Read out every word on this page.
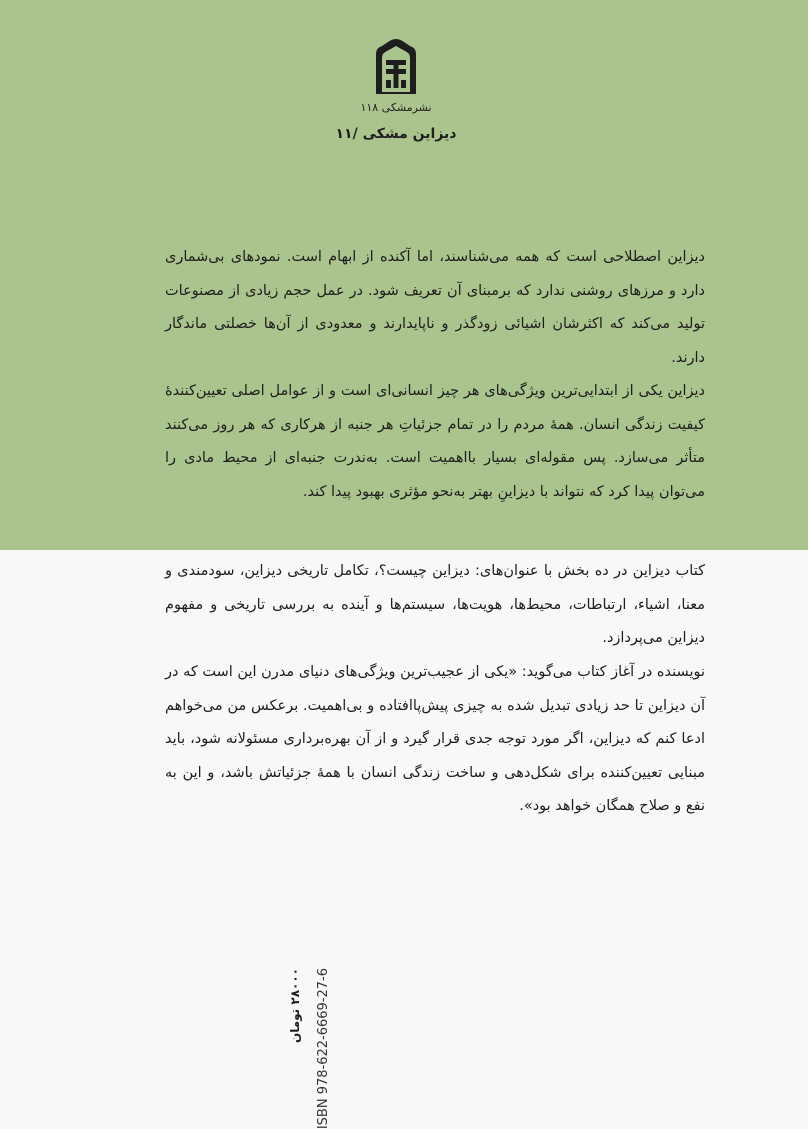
نشرمشکی ۱۱۸
دیزاین مشکی /۱۱

دیزاین اصطلاحی است که همه می‌شناسند، اما آکنده از ابهام است. نمودهای بی‌شماری دارد و مرزهای روشنی ندارد که برمبنای آن تعریف شود. در عمل حجم زیادی از مصنوعات تولید می‌کند که اکثرشان اشیائی زودگذر و ناپایدارند و معدودی از آن‌ها خصلتی ماندگار دارند.

دیزاین یکی از ابتدایی‌ترین ویژگی‌های هر چیز انسانی‌ای است و از عوامل اصلی تعیین‌کنندهٔ کیفیت زندگی انسان. همهٔ مردم را در تمام جزئیاتِ هر جنبه از هرکاری که هر روز می‌کنند متأثر می‌سازد. پس مقوله‌ای بسیار بااهمیت است. به‌ندرت جنبه‌ای از محیط مادی را می‌توان پیدا کرد که نتواند با دیزاینِ بهتر به‌نحو مؤثری بهبود پیدا کند.

کتاب دیزاین در ده بخش با عنوان‌های: دیزاین چیست؟، تکامل تاریخی دیزاین، سودمندی و معنا، اشیاء، ارتباطات، محیط‌ها، هویت‌ها، سیستم‌ها و آینده به بررسی تاریخی و مفهوم دیزاین می‌پردازد.

نویسنده در آغاز کتاب می‌گوید: «یکی از عجیب‌ترین ویژگی‌های دنیای مدرن این است که در آن دیزاین تا حد زیادی تبدیل شده به چیزی پیش‌پاافتاده و بی‌اهمیت. برعکس من می‌خواهم ادعا کنم که دیزاین، اگر مورد توجه جدی قرار گیرد و از آن بهره‌برداری مسئولانه شود، باید مبنایی تعیین‌کننده برای شکل‌دهی و ساخت زندگی انسان با همهٔ جزئیاتش باشد، و این به نفع و صلاح همگان خواهد بود».

۲۸۰۰۰ تومان ISBN 978-622-6669-27-6
